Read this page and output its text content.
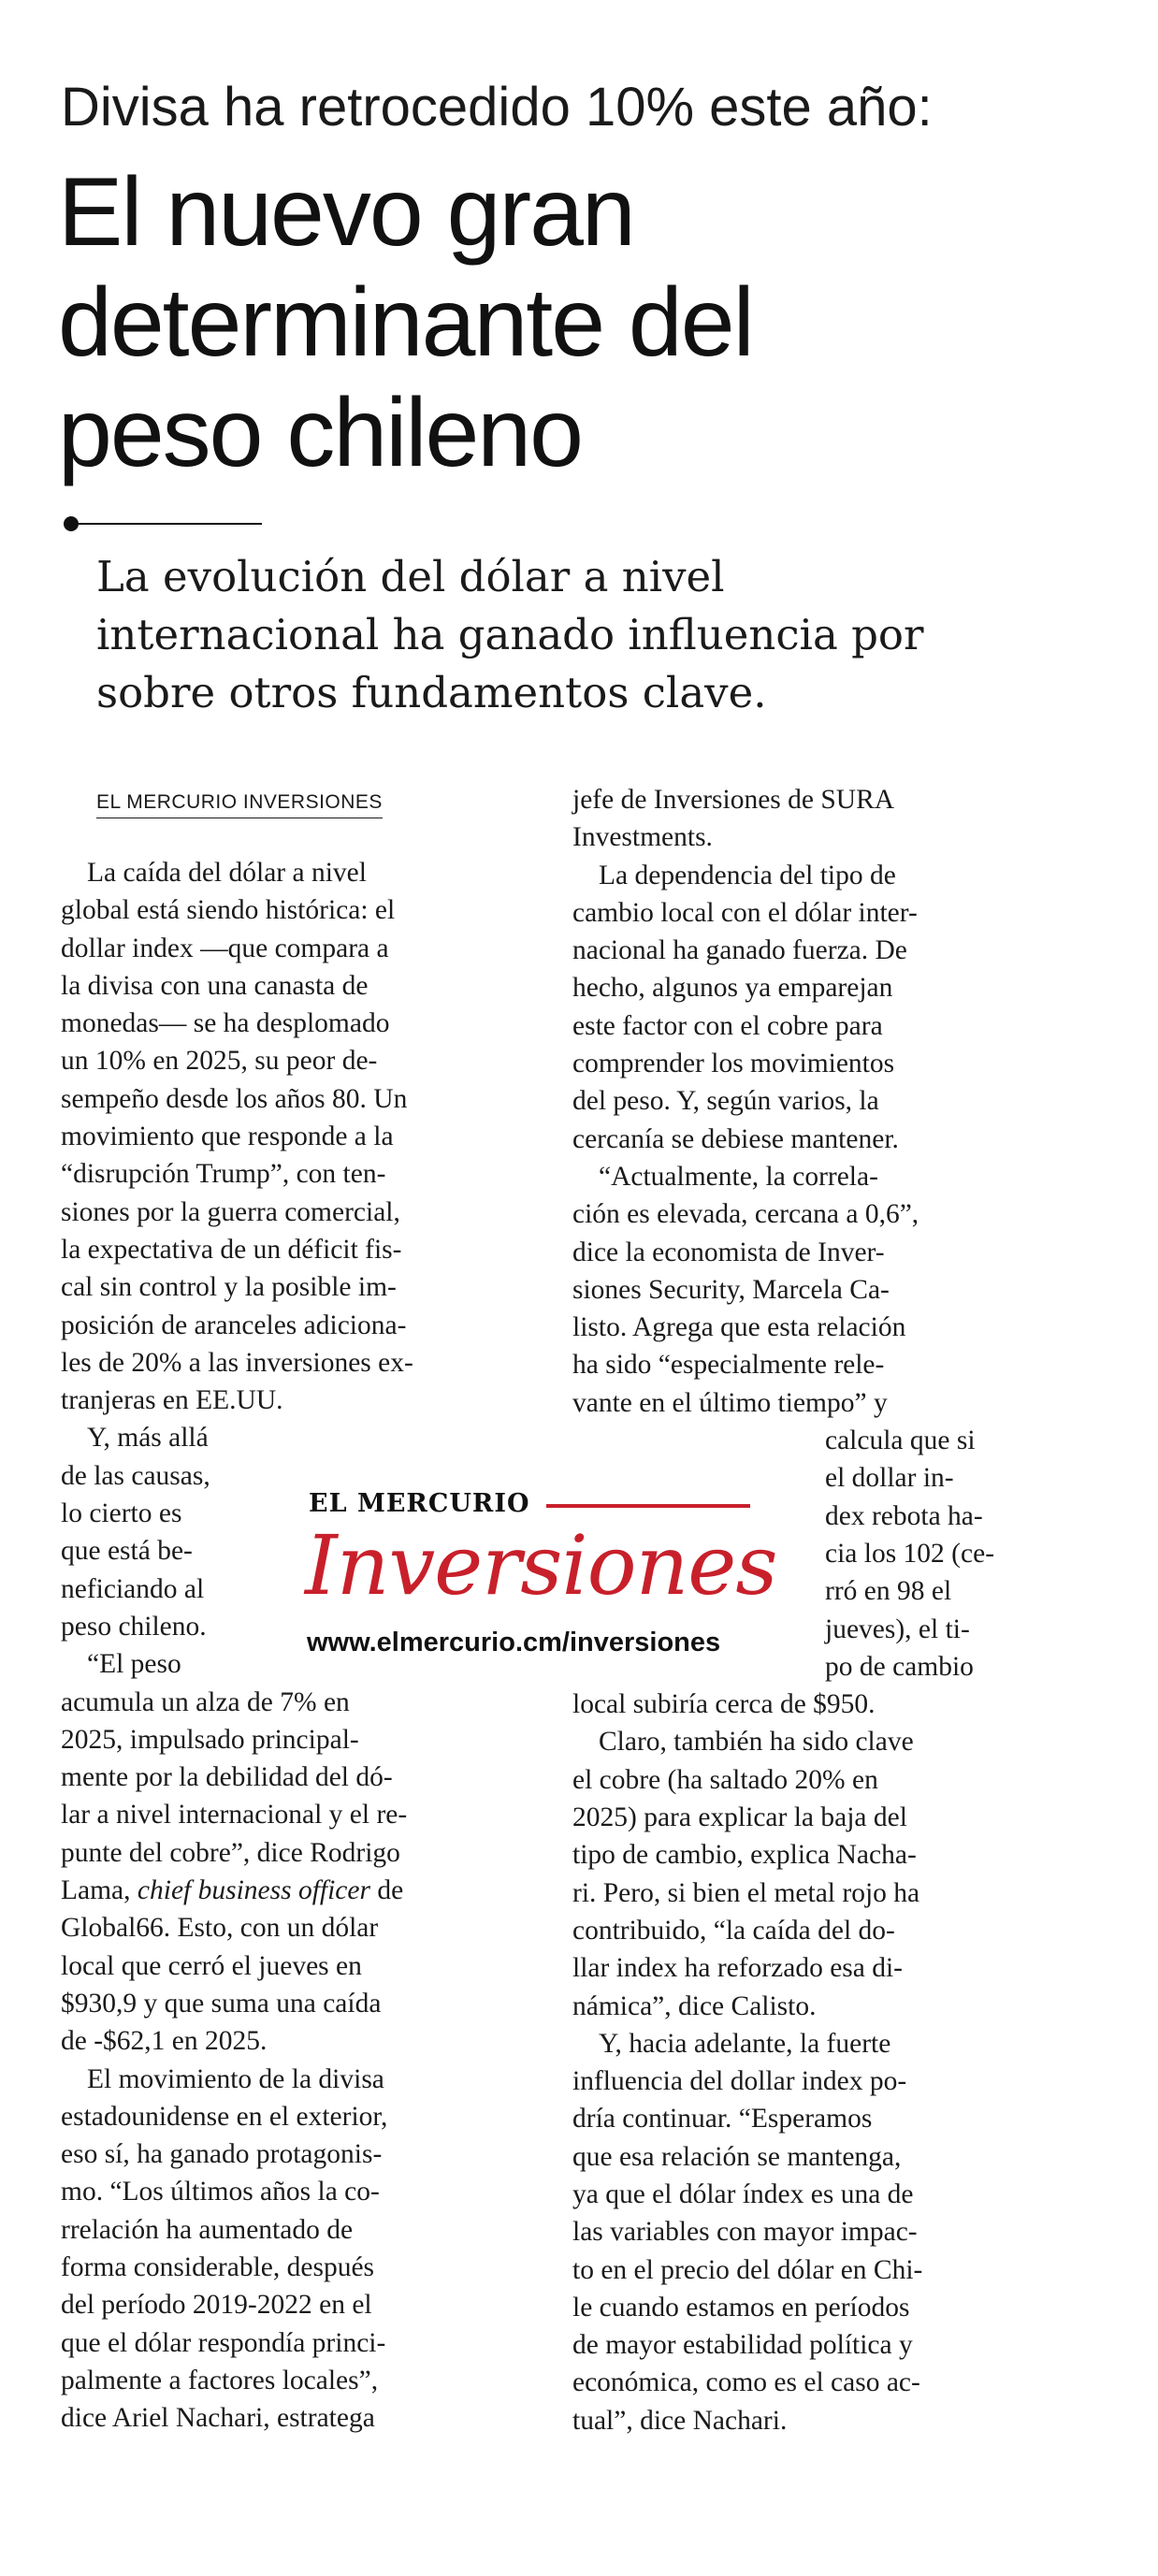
Divisa ha retrocedido 10% este año:
El nuevo gran
determinante del
peso chileno
La evolución del dólar a nivel
internacional ha ganado influencia por
sobre otros fundamentos clave.
EL MERCURIO INVERSIONES
La caída del dólar a nivel
global está siendo histórica: el
dollar index —que compara a
la divisa con una canasta de
monedas— se ha desplomado
un 10% en 2025, su peor de-
sempeño desde los años 80. Un
movimiento que responde a la
“disrupción Trump”, con ten-
siones por la guerra comercial,
la expectativa de un déficit fis-
cal sin control y la posible im-
posición de aranceles adiciona-
les de 20% a las inversiones ex-
tranjeras en EE.UU.
Y, más allá
de las causas,
lo cierto es
que está be-
neficiando al
peso chileno.
“El peso
acumula un alza de 7% en
2025, impulsado principal-
mente por la debilidad del dó-
lar a nivel internacional y el re-
punte del cobre”, dice Rodrigo
Lama, chief business officer de
Global66. Esto, con un dólar
local que cerró el jueves en
$930,9 y que suma una caída
de -$62,1 en 2025.
El movimiento de la divisa
estadounidense en el exterior,
eso sí, ha ganado protagonis-
mo. “Los últimos años la co-
rrelación ha aumentado de
forma considerable, después
del período 2019-2022 en el
que el dólar respondía princi-
palmente a factores locales”,
dice Ariel Nachari, estratega
jefe de Inversiones de SURA
Investments.
La dependencia del tipo de
cambio local con el dólar inter-
nacional ha ganado fuerza. De
hecho, algunos ya emparejan
este factor con el cobre para
comprender los movimientos
del peso. Y, según varios, la
cercanía se debiese mantener.
“Actualmente, la correla-
ción es elevada, cercana a 0,6”,
dice la economista de Inver-
siones Security, Marcela Ca-
listo. Agrega que esta relación
ha sido “especialmente rele-
vante en el último tiempo” y
calcula que si
el dollar in-
dex rebota ha-
cia los 102 (ce-
rró en 98 el
jueves), el ti-
po de cambio
local subiría cerca de $950.
Claro, también ha sido clave
el cobre (ha saltado 20% en
2025) para explicar la baja del
tipo de cambio, explica Nacha-
ri. Pero, si bien el metal rojo ha
contribuido, “la caída del do-
llar index ha reforzado esa di-
námica”, dice Calisto.
Y, hacia adelante, la fuerte
influencia del dollar index po-
dría continuar. “Esperamos
que esa relación se mantenga,
ya que el dólar índex es una de
las variables con mayor impac-
to en el precio del dólar en Chi-
le cuando estamos en períodos
de mayor estabilidad política y
económica, como es el caso ac-
tual”, dice Nachari.
EL MERCURIO
Inversiones
www.elmercurio.cm/inversiones
